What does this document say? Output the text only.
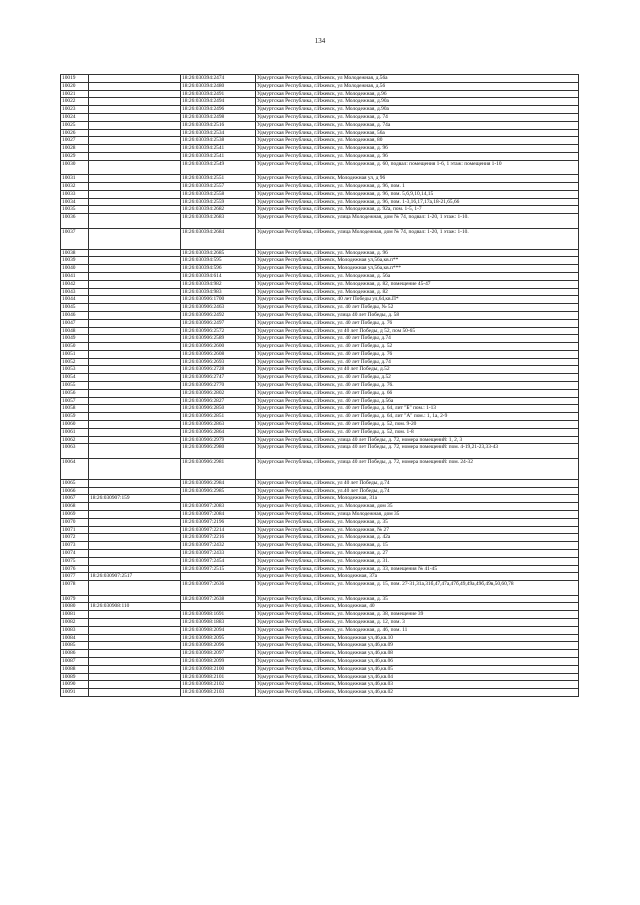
134
10019		18:26:030394:2474	Удмуртская Республика, г.Ижевск, ул Молодежная, д.56а
10020		18:26:030394:2480	Удмуртская Республика, г.Ижевск, ул Молодежная, д.56
10021		18:26:030394:2491	Удмуртская Республика, г.Ижевск, ул. Молодежная, д.96
10022		18:26:030394:2494	Удмуртская Республика, г.Ижевск, ул. Молодежная, д.90а
10023		18:26:030394:2496	Удмуртская Республика, г.Ижевск, ул. Молодежная, д.90а
10024		18:26:030394:2498	Удмуртская Республика, г.Ижевск, ул. Молодежная, д. 74
10025		18:26:030394:2516	Удмуртская Республика, г.Ижевск, ул. Молодежная, д. 74а
10026		18:26:030394:2534	Удмуртская Республика, г.Ижевск, ул. Молодежная, 56а
10027		18:26:030394:2538	Удмуртская Республика, г.Ижевск, ул. Молодежная, 80
10028		18:26:030394:2541	Удмуртская Республика, г.Ижевск, ул. Молодежная, д. 96
10029		18:26:030394:2541	Удмуртская Республика, г.Ижевск, ул. Молодежная, д. 96
10030		18:26:030394:2549	Удмуртская Республика, г.Ижевск, ул. Молодежная, д. 60, подвал: помещения 1-6, 1 этаж: помещения 1-10
10031		18:26:030394:2551	Удмуртская Республика, г.Ижевск, Молодежная ул, д 96
10032		18:26:030394:2557	Удмуртская Республика, г.Ижевск, ул. Молодежная, д. 96, пом. 1
10033		18:26:030394:2558	Удмуртская Республика, г.Ижевск, ул. Молодежная, д. 96, пом. 5,6,9,10,14,15
10034		18:26:030394:2559	Удмуртская Республика, г.Ижевск, ул. Молодежная, д. 96, пом. 1-3,16,17,17а,18-21,65,66
10035		18:26:030394:2682	Удмуртская Республика, г.Ижевск, ул. Молодежная, д. 92а, пом. 1-5, 1-7
10036		18:26:030394:2683	Удмуртская Республика, г.Ижевск, улица Молодежная, дом № 74, подвал: 1-20, 1 этаж: 1-10.
10037		18:26:030394:2684	Удмуртская Республика, г.Ижевск, улица Молодежная, дом № 74, подвал: 1-20, 1 этаж: 1-10.
10038		18:26:030394:2685	Удмуртская Республика, г.Ижевск, ул. Молодежная, д. 96
10039		18:26:030394:595	Удмуртская Республика, г.Ижевск, Молодежная ул,56а,кв.п**
10040		18:26:030394:596	Удмуртская Республика, г.Ижевск, Молодежная ул,56а,кв.п***
10041		18:26:030394:614	Удмуртская Республика, г.Ижевск, ул. Молодежная, д. 56а
10042		18:26:030394:982	Удмуртская Республика, г.Ижевск, ул. Молодежная, д. 82, помещение 45-47
10043		18:26:030394:983	Удмуртская Республика, г.Ижевск, ул. Молодежная, д. 82
10044		18:26:030906:1700	Удмуртская Республика, г.Ижевск, 40 лет Победы ул,64,кв.П*
10045		18:26:030906:2463	Удмуртская Республика, г.Ижевск, ул. 40 лет Победы, № 52
10046		18:26:030906:2492	Удмуртская Республика, г.Ижевск, улица 40 лет Победы, д. 58
10047		18:26:030906:2497	Удмуртская Республика, г.Ижевск, ул. 40 лет Победы, д. 76
10048		18:26:030906:2572	Удмуртская Республика, г.Ижевск, ул 40 лет Победы, д 52, пом 50-65
10049		18:26:030906:2589	Удмуртская Республика, г.Ижевск, ул. 40 лет Победы, д.74
10050		18:26:030906:2600	Удмуртская Республика, г.Ижевск, ул. 40 лет Победы, д. 52
10051		18:26:030906:2608	Удмуртская Республика, г.Ижевск, ул. 40 лет Победы, д. 76
10052		18:26:030906:2693	Удмуртская Республика, г.Ижевск, ул. 40 лет Победы, д.74
10053		18:26:030906:2728	Удмуртская Республика, г.Ижевск, ул 40 лет Победы, д.52
10054		18:26:030906:2747	Удмуртская Республика, г.Ижевск, ул. 40 лет Победы, д.52
10055		18:26:030906:2770	Удмуртская Республика, г.Ижевск, ул. 40 лет Победы, д. 76.
10056		18:26:030906:2802	Удмуртская Республика, г.Ижевск, ул. 40 лет Победы, д. 66
10057		18:26:030906:2827	Удмуртская Республика, г.Ижевск, ул. 40 лет Победы, д.56а
10058		18:26:030906:2850	Удмуртская Республика, г.Ижевск, ул. 40 лет Победы, д. 64, лит "Б" пом.: 1-13
10059		18:26:030906:2851	Удмуртская Республика, г.Ижевск, ул. 40 лет Победы, д. 64, лит "А" пом.: 1, 1а, 2-9
10060		18:26:030906:2863	Удмуртская Республика, г.Ижевск, ул. 40 лет Победы, д. 52, пом. 9-20
10061		18:26:030906:2864	Удмуртская Республика, г.Ижевск, ул. 40 лет Победы, д. 52, пом. 1-8
10062		18:26:030906:2979	Удмуртская Республика, г.Ижевск, улица 40 лет Победы, д. 72, номера помещений: 1, 2, 3
10063		18:26:030906:2980	Удмуртская Республика, г.Ижевск, улица 40 лет Победы, д. 72, номера помещений: пом. 4-19,21-23,33-43
10064		18:26:030906:2981	Удмуртская Республика, г.Ижевск, улица 40 лет Победы, д. 72, номера помещений: пом. 24-32
10065		18:26:030906:2984	Удмуртская Республика, г.Ижевск, ул 40 лет Победы, д.74
10066		18:26:030906:2985	Удмуртская Республика, г.Ижевск, ул.40 лет Победы, д.74
10067	18:26:030907:159		Удмуртская Республика, г.Ижевск, Молодежная, 31а
10068		18:26:030907:2083	Удмуртская Республика, г.Ижевск, ул. Молодежная, дом 35
10069		18:26:030907:2084	Удмуртская Республика, г.Ижевск, улица Молодежная, дом 35
10070		18:26:030907:2196	Удмуртская Республика, г.Ижевск, ул. Молодежная, д. 35
10071		18:26:030907:2214	Удмуртская Республика, г.Ижевск, ул. Молодежная, № 27
10072		18:26:030907:2216	Удмуртская Республика, г.Ижевск, ул. Молодежная, д. 42а
10073		18:26:030907:2432	Удмуртская Республика, г.Ижевск, ул. Молодежная, д. 15
10074		18:26:030907:2433	Удмуртская Республика, г.Ижевск, ул. Молодежная, д. 27
10075		18:26:030907:2454	Удмуртская Республика, г.Ижевск, ул. Молодежная, д. 31.
10076		18:26:030907:2515	Удмуртская Республика, г.Ижевск, ул. Молодежная, д. 33, помещения № 41-45
10077	18:26:030907:2517		Удмуртская Республика, г.Ижевск, Молодежная, 37а
10078		18:26:030907:2636	Удмуртская Республика, г.Ижевск, ул. Молодежная, д. 15, пом. 27-31,31а,31б,47,47а,47б,49,49а,49б,49в,50,60,78
10079		18:26:030907:2638	Удмуртская Республика, г.Ижевск, ул. Молодежная, д. 35
10080	18:26:030908:110		Удмуртская Республика, г.Ижевск, Молодежная, 40
10081		18:26:030908:1691	Удмуртская Республика, г.Ижевск, ул. Молодежная, д. 38, помещение 39
10082		18:26:030908:1883	Удмуртская Республика, г.Ижевск, ул. Молодежная, д. 12, пом. 3
10083		18:26:030908:2094	Удмуртская Республика, г.Ижевск, ул. Молодежная, д. 46, пом. 11
10084		18:26:030908:2095	Удмуртская Республика, г.Ижевск, Молодежная ул,46,кв.10
10085		18:26:030908:2096	Удмуртская Республика, г.Ижевск, Молодежная ул,46,кв.09
10086		18:26:030908:2097	Удмуртская Республика, г.Ижевск, Молодежная ул,46,кв.08
10087		18:26:030908:2099	Удмуртская Республика, г.Ижевск, Молодежная ул,46,кв.06
10088		18:26:030908:2100	Удмуртская Республика, г.Ижевск, Молодежная ул,46,кв.05
10089		18:26:030908:2101	Удмуртская Республика, г.Ижевск, Молодежная ул,46,кв.04
10090		18:26:030908:2102	Удмуртская Республика, г.Ижевск, Молодежная ул,46,кв.03
10091		18:26:030908:2103	Удмуртская Республика, г.Ижевск, Молодежная ул,46,кв.02
